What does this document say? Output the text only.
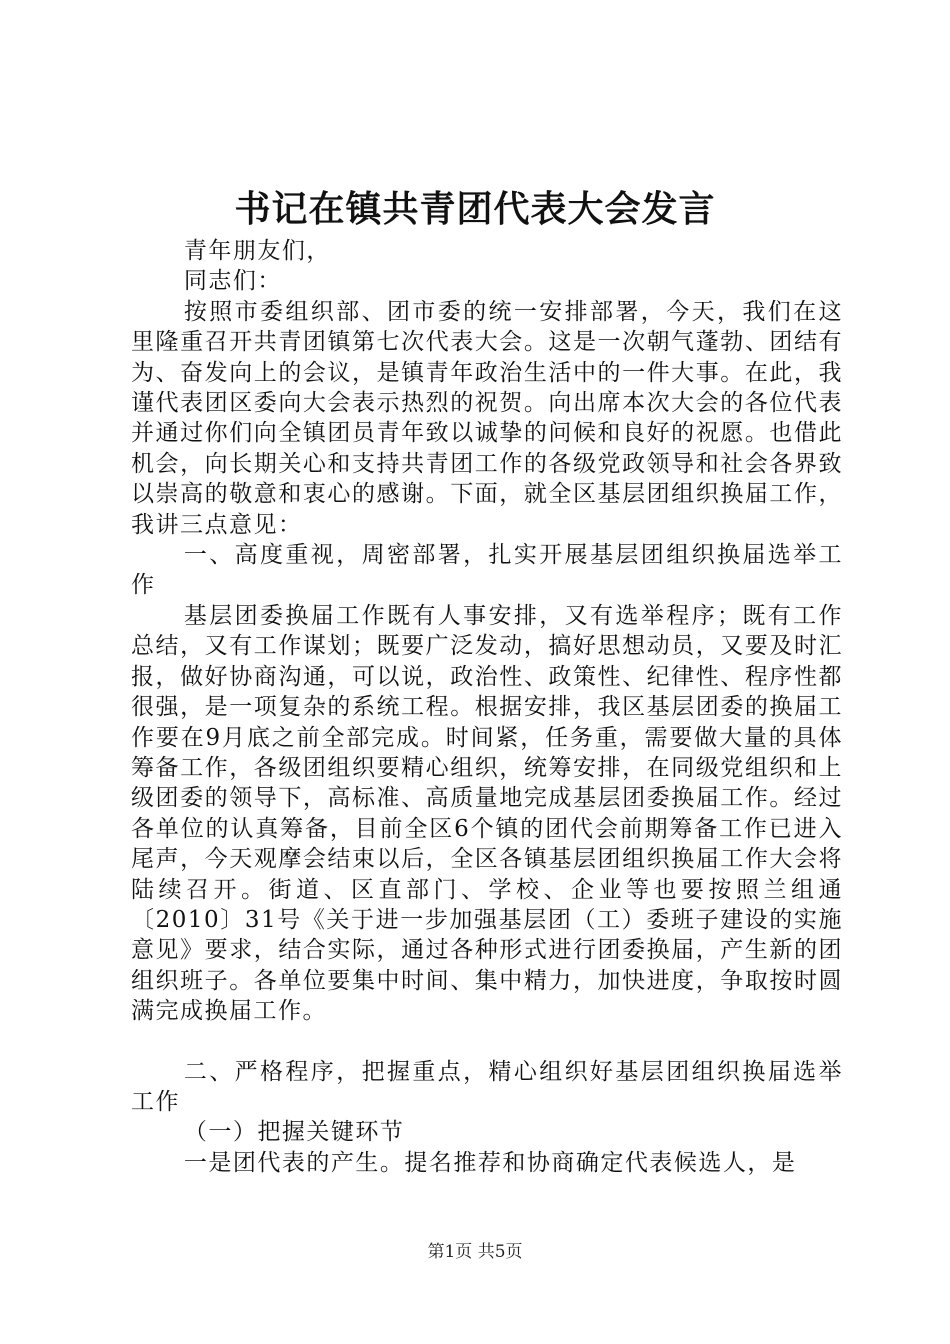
书记在镇共青团代表大会发言

青年朋友们，

同志们：

按照市委组织部、团市委的统一安排部署，今天，我们在这里隆重召开共青团镇第七次代表大会。这是一次朝气蓬勃、团结有为、奋发向上的会议，是镇青年政治生活中的一件大事。在此，我谨代表团区委向大会表示热烈的祝贺。向出席本次大会的各位代表并通过你们向全镇团员青年致以诚挚的问候和良好的祝愿。也借此机会，向长期关心和支持共青团工作的各级党政领导和社会各界致以崇高的敬意和衷心的感谢。下面，就全区基层团组织换届工作，我讲三点意见：

一、高度重视，周密部署，扎实开展基层团组织换届选举工作

基层团委换届工作既有人事安排，又有选举程序；既有工作总结，又有工作谋划；既要广泛发动，搞好思想动员，又要及时汇报，做好协商沟通，可以说，政治性、政策性、纪律性、程序性都很强，是一项复杂的系统工程。根据安排，我区基层团委的换届工作要在9月底之前全部完成。时间紧，任务重，需要做大量的具体筹备工作，各级团组织要精心组织，统筹安排，在同级党组织和上级团委的领导下，高标准、高质量地完成基层团委换届工作。经过各单位的认真筹备，目前全区6个镇的团代会前期筹备工作已进入尾声，今天观摩会结束以后，全区各镇基层团组织换届工作大会将陆续召开。街道、区直部门、学校、企业等也要按照兰组通〔2010〕31号《关于进一步加强基层团（工）委班子建设的实施意见》要求，结合实际，通过各种形式进行团委换届，产生新的团组织班子。各单位要集中时间、集中精力，加快进度，争取按时圆满完成换届工作。

二、严格程序，把握重点，精心组织好基层团组织换届选举工作

（一）把握关键环节

一是团代表的产生。提名推荐和协商确定代表候选人，是

第1页 共5页
